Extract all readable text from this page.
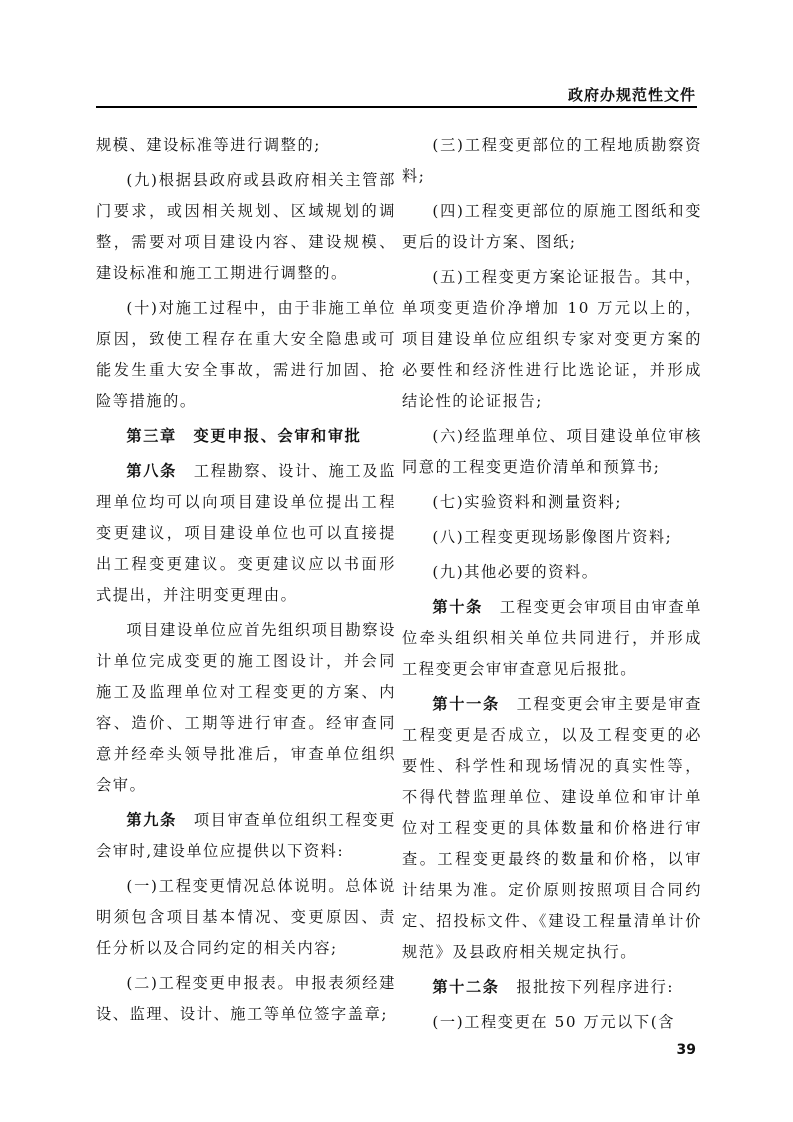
政府办规范性文件

规模、建设标准等进行调整的;

(九)根据县政府或县政府相关主管部门要求，或因相关规划、区域规划的调整，需要对项目建设内容、建设规模、建设标准和施工工期进行调整的。

(十)对施工过程中，由于非施工单位原因，致使工程存在重大安全隐患或可能发生重大安全事故，需进行加固、抢险等措施的。

第三章　变更申报、会审和审批

第八条　 工程勘察、设计、施工及监理单位均可以向项目建设单位提出工程变更建议，项目建设单位也可以直接提出工程变更建议。变更建议应以书面形式提出，并注明变更理由。

项目建设单位应首先组织项目勘察设计单位完成变更的施工图设计，并会同施工及监理单位对工程变更的方案、内容、造价、工期等进行审查。经审查同意并经牵头领导批准后，审查单位组织会审。

第九条　 项目审查单位组织工程变更会审时,建设单位应提供以下资料:

(一)工程变更情况总体说明。总体说明须包含项目基本情况、变更原因、责任分析以及合同约定的相关内容;

(二)工程变更申报表。申报表须经建设、监理、设计、施工等单位签字盖章;

(三)工程变更部位的工程地质勘察资料;

(四)工程变更部位的原施工图纸和变更后的设计方案、图纸;

(五)工程变更方案论证报告。其中，单项变更造价净增加 10 万元以上的，项目建设单位应组织专家对变更方案的必要性和经济性进行比选论证，并形成结论性的论证报告;

(六)经监理单位、项目建设单位审核同意的工程变更造价清单和预算书;

(七)实验资料和测量资料;

(八)工程变更现场影像图片资料;

(九)其他必要的资料。

第十条　 工程变更会审项目由审查单位牵头组织相关单位共同进行，并形成工程变更会审审查意见后报批。

第十一条　 工程变更会审主要是审查工程变更是否成立，以及工程变更的必要性、科学性和现场情况的真实性等，不得代替监理单位、建设单位和审计单位对工程变更的具体数量和价格进行审查。工程变更最终的数量和价格，以审计结果为准。定价原则按照项目合同约定、招投标文件、《建设工程量清单计价规范》及县政府相关规定执行。

第十二条　 报批按下列程序进行:

(一)工程变更在 50 万元以下(含

39
